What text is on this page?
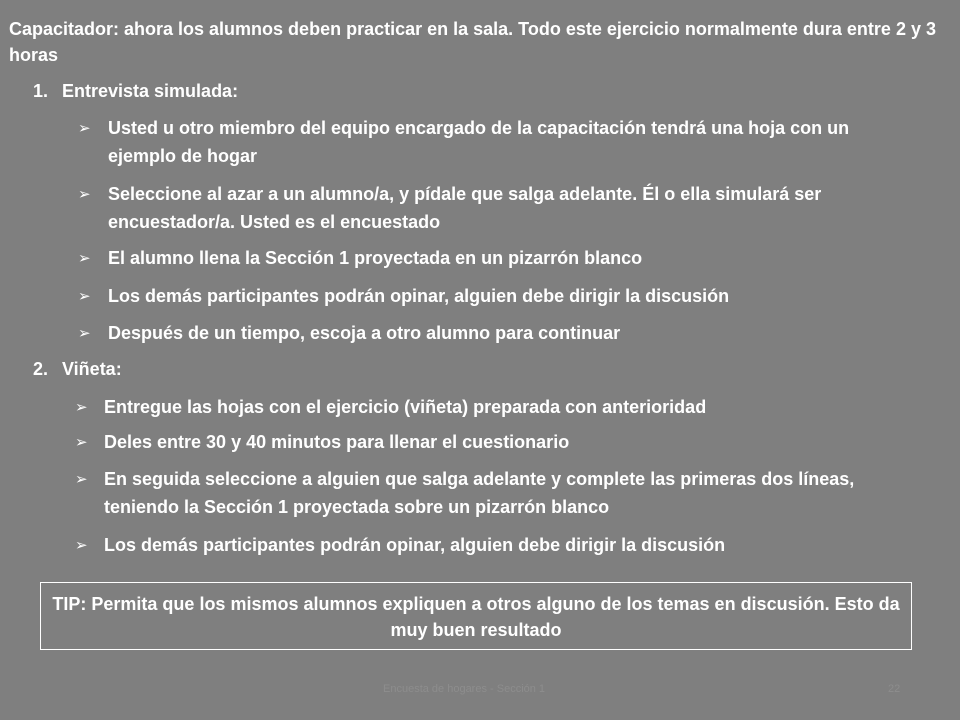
Capacitador: ahora los alumnos deben practicar en la sala. Todo este ejercicio normalmente dura entre 2 y 3 horas

1. Entrevista simulada:
➢ Usted u otro miembro del equipo encargado de la capacitación tendrá una hoja con un ejemplo de hogar
➢ Seleccione al azar a un alumno/a, y pídale que salga adelante. Él o ella simulará ser encuestador/a. Usted es el encuestado
➢ El alumno llena la Sección 1 proyectada en un pizarrón blanco
➢ Los demás participantes podrán opinar, alguien debe dirigir la discusión
➢ Después de un tiempo, escoja a otro alumno para continuar
2. Viñeta:
➢ Entregue las hojas con el ejercicio (viñeta) preparada con anterioridad
➢ Deles entre 30 y 40 minutos para llenar el cuestionario
➢ En seguida seleccione a alguien que salga adelante y complete las primeras dos líneas, teniendo la Sección 1 proyectada sobre un pizarrón blanco
➢ Los demás participantes podrán opinar, alguien debe dirigir la discusión
TIP: Permita que los mismos alumnos expliquen a otros alguno de los temas en discusión. Esto da muy buen resultado
Encuesta de hogares - Sección 1	22
